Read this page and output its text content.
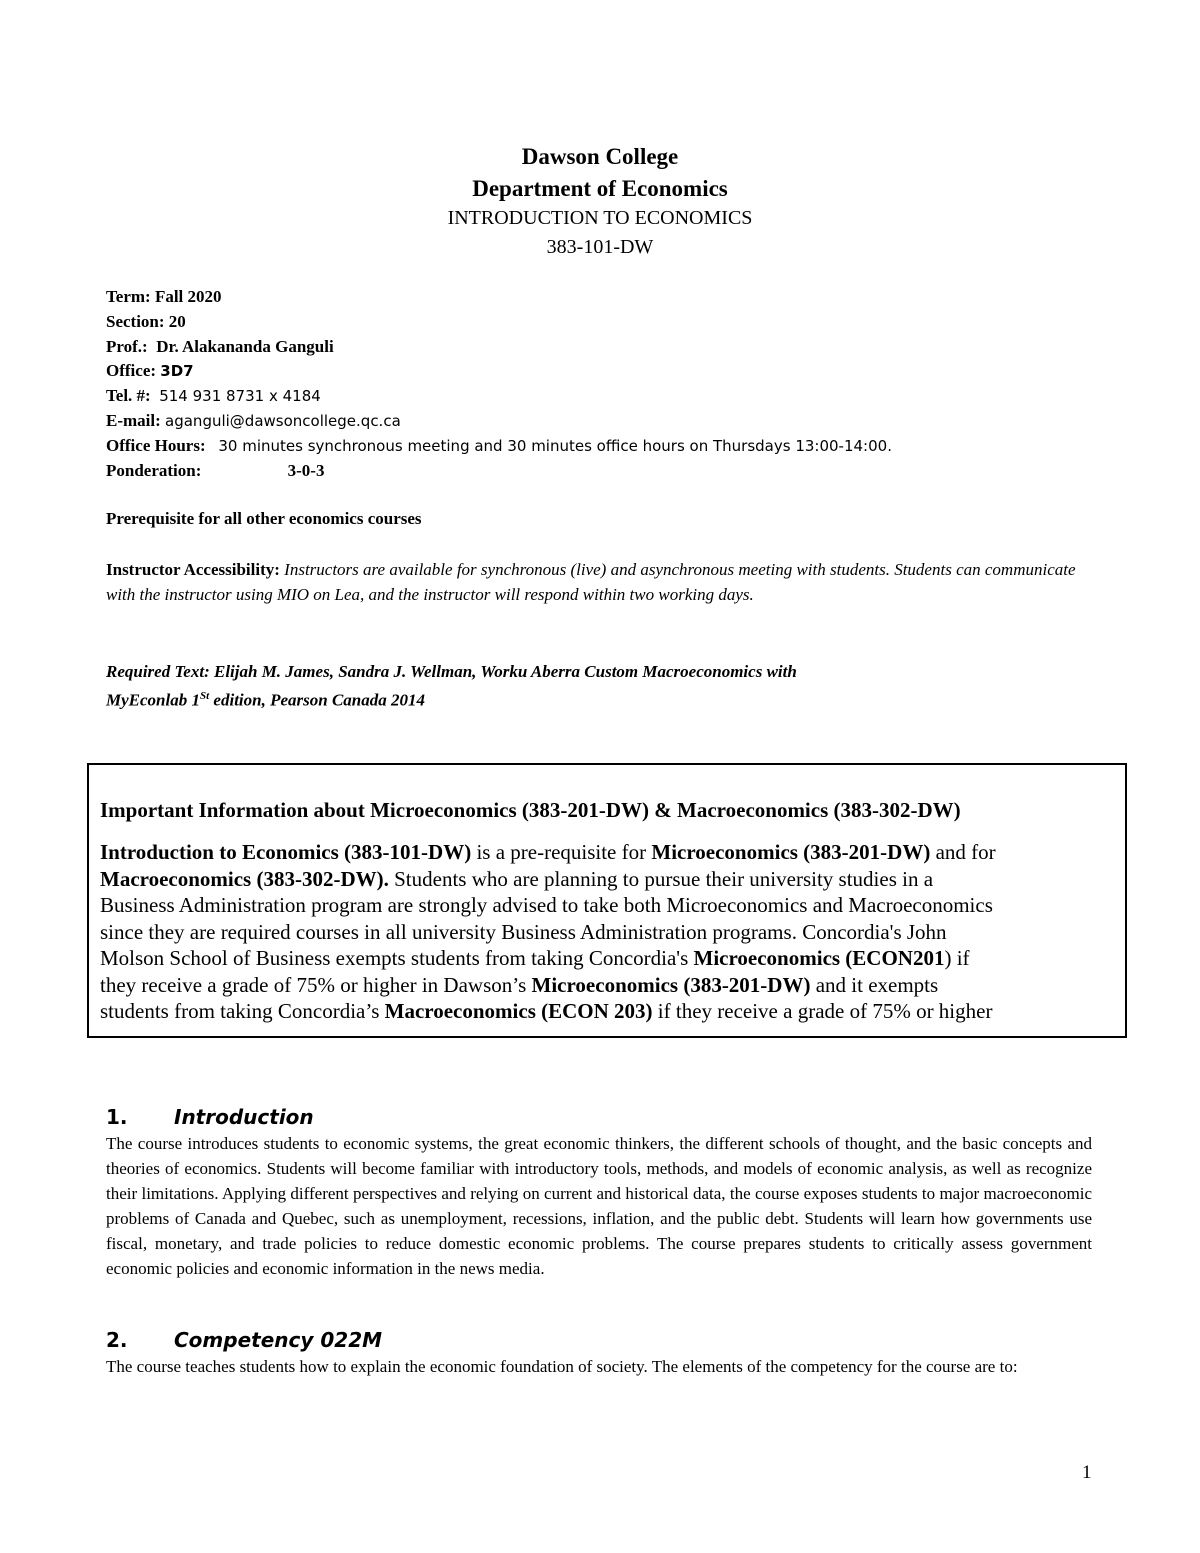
Dawson College
Department of Economics
INTRODUCTION TO ECONOMICS
383-101-DW
Term: Fall 2020
Section: 20
Prof.: Dr. Alakananda Ganguli
Office: 3D7
Tel. #: 514 931 8731 x 4184
E-mail: aganguli@dawsoncollege.qc.ca
Office Hours: 30 minutes synchronous meeting and 30 minutes office hours on Thursdays 13:00-14:00.
Ponderation:	3-0-3
Prerequisite for all other economics courses
Instructor Accessibility: Instructors are available for synchronous (live) and asynchronous meeting with students. Students can communicate with the instructor using MIO on Lea, and the instructor will respond within two working days.
Required Text: Elijah M. James, Sandra J. Wellman, Worku Aberra Custom Macroeconomics with
MyEconlab 1St edition, Pearson Canada 2014
Important Information about Microeconomics (383-201-DW) & Macroeconomics (383-302-DW)
Introduction to Economics (383-101-DW) is a pre-requisite for Microeconomics (383-201-DW) and for
Macroeconomics (383-302-DW). Students who are planning to pursue their university studies in a
Business Administration program are strongly advised to take both Microeconomics and Macroeconomics
since they are required courses in all university Business Administration programs. Concordia's John
Molson School of Business exempts students from taking Concordia's Microeconomics (ECON201) if
they receive a grade of 75% or higher in Dawson’s Microeconomics (383-201-DW) and it exempts
students from taking Concordia’s Macroeconomics (ECON 203) if they receive a grade of 75% or higher
1. Introduction
The course introduces students to economic systems, the great economic thinkers, the different schools of thought, and the basic concepts and theories of economics. Students will become familiar with introductory tools, methods, and models of economic analysis, as well as recognize their limitations. Applying different perspectives and relying on current and historical data, the course exposes students to major macroeconomic problems of Canada and Quebec, such as unemployment, recessions, inflation, and the public debt. Students will learn how governments use fiscal, monetary, and trade policies to reduce domestic economic problems. The course prepares students to critically assess government economic policies and economic information in the news media.
2. Competency 022M
The course teaches students how to explain the economic foundation of society. The elements of the competency for the course are to:
1
